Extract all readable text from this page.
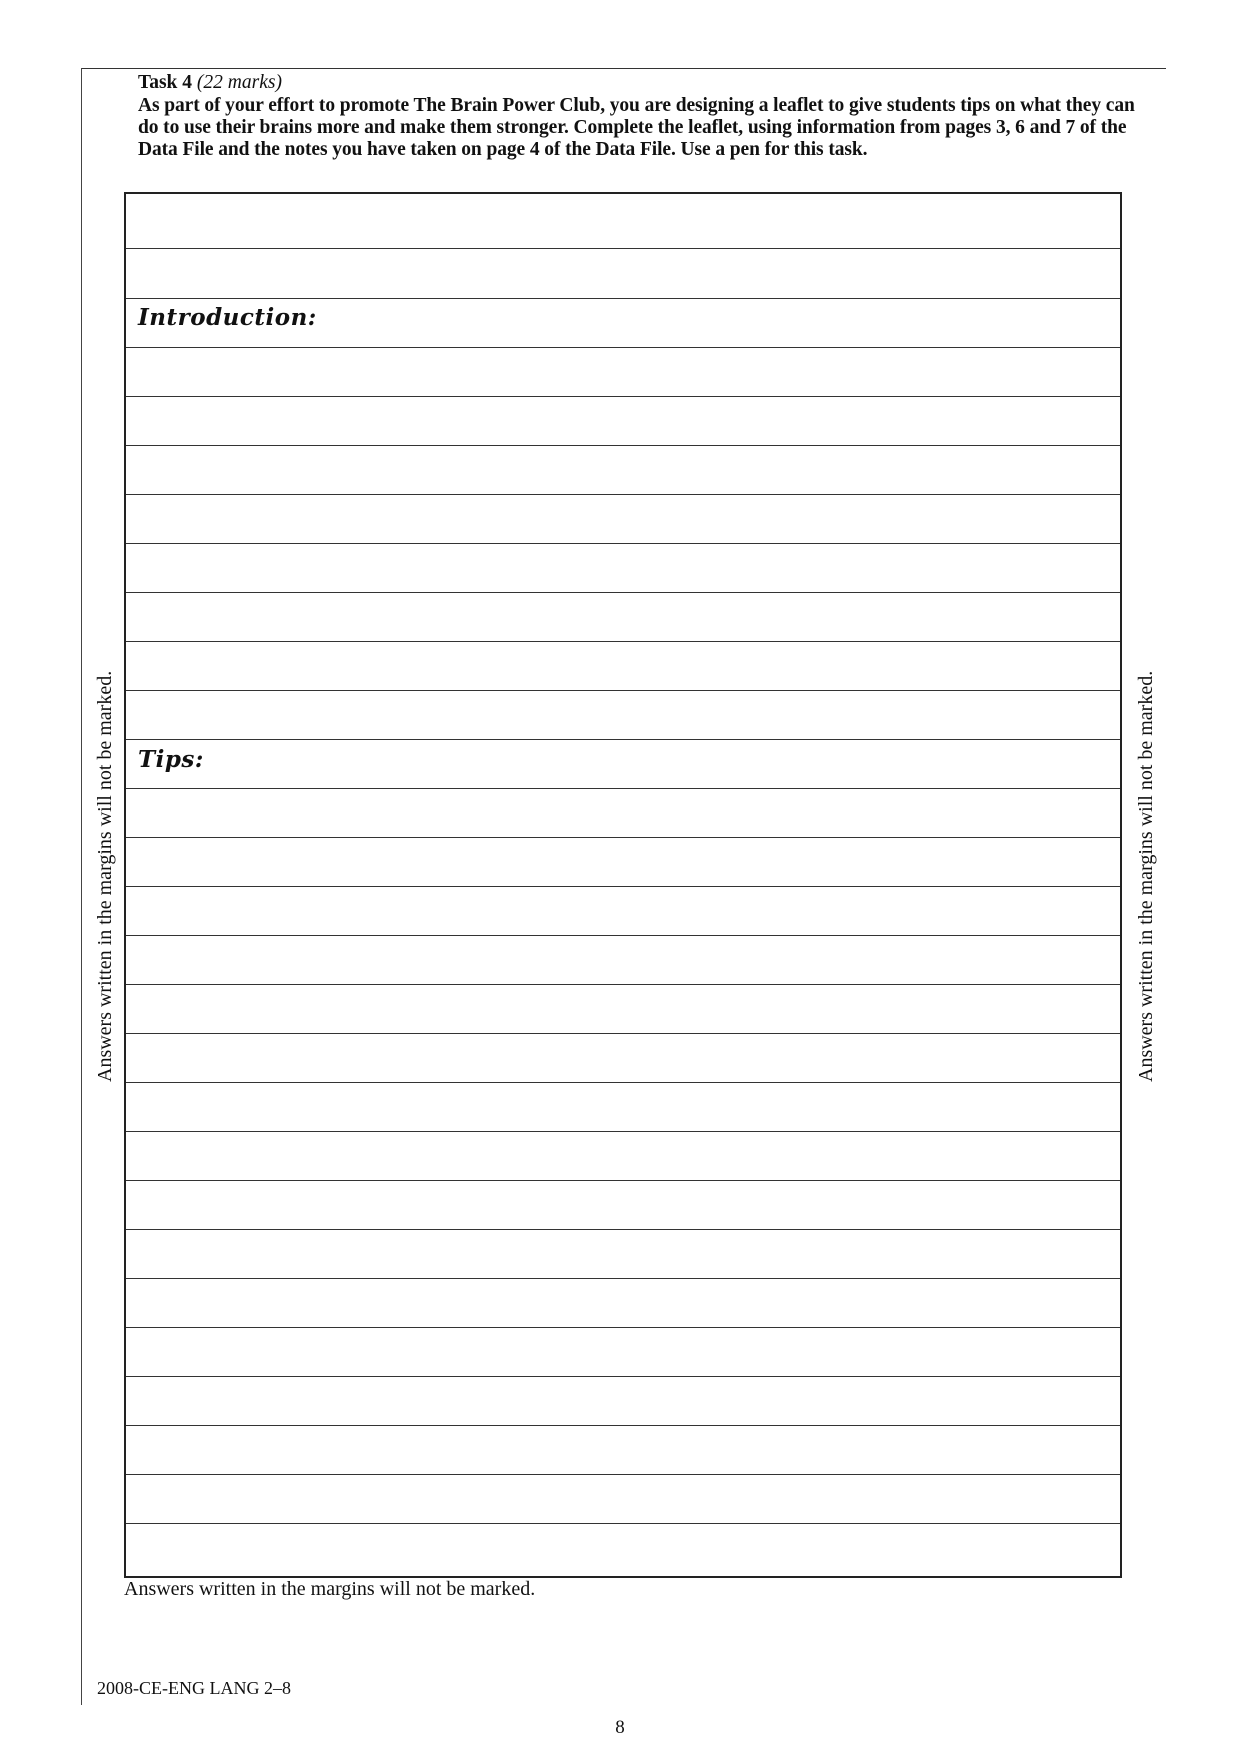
Task 4 (22 marks)
As part of your effort to promote The Brain Power Club, you are designing a leaflet to give students tips on what they can do to use their brains more and make them stronger. Complete the leaflet, using information from pages 3, 6 and 7 of the Data File and the notes you have taken on page 4 of the Data File. Use a pen for this task.
Introduction:
Tips:
Answers written in the margins will not be marked.	Answers written in the margins will not be marked.
Answers written in the margins will not be marked.
2008-CE-ENG LANG 2–8
8
